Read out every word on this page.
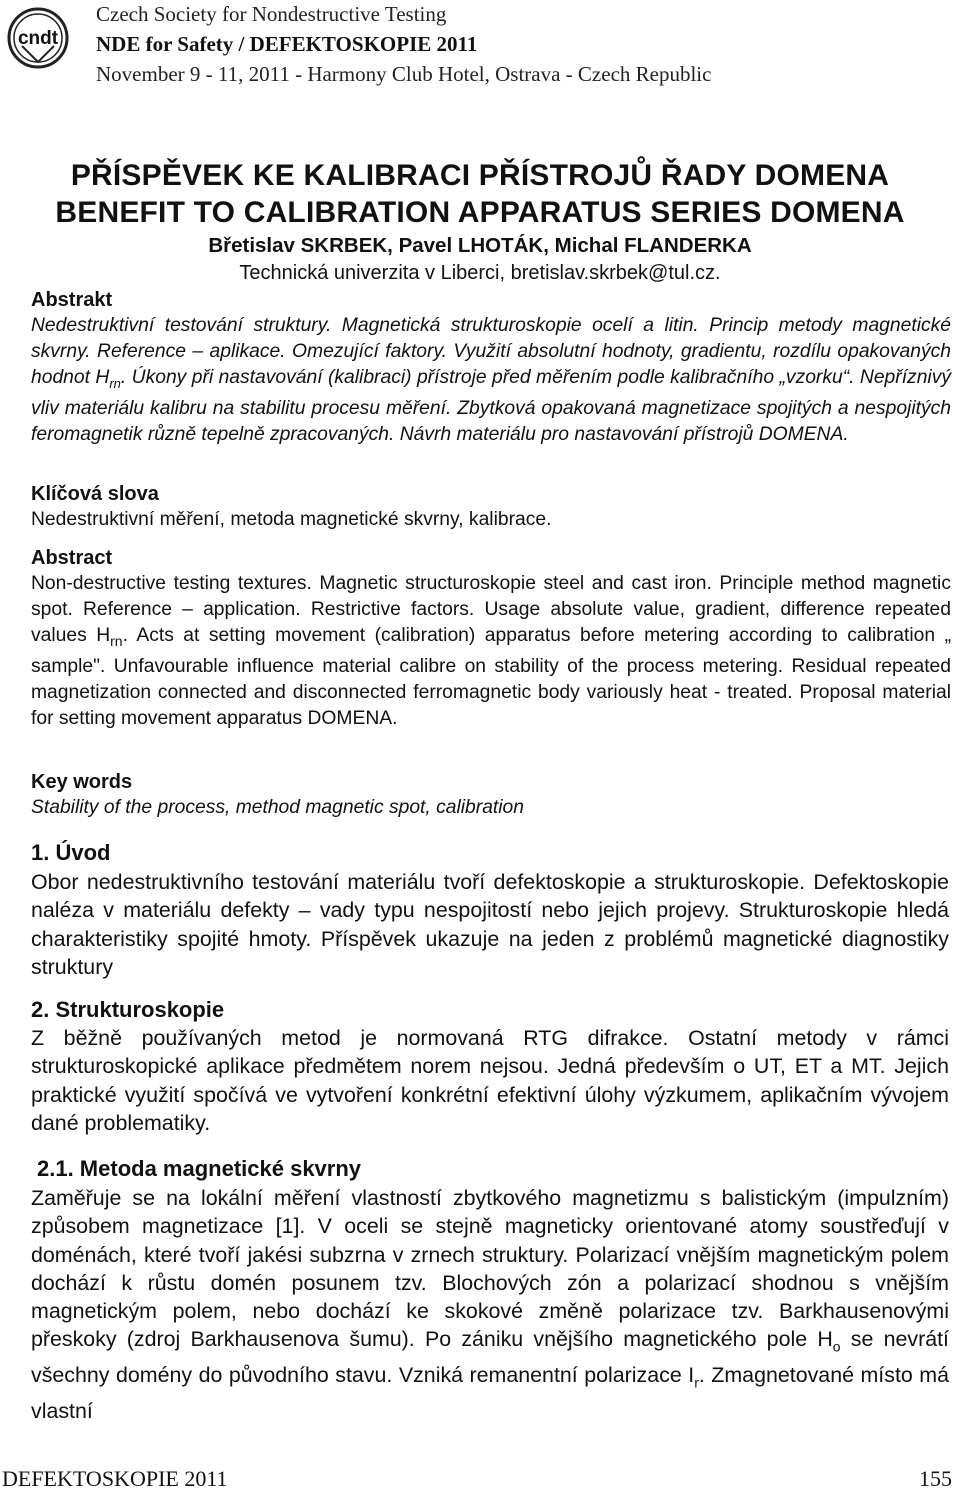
cndt
Czech Society for Nondestructive Testing
NDE for Safety / DEFEKTOSKOPIE 2011
November 9 - 11, 2011 - Harmony Club Hotel, Ostrava - Czech Republic
PŘÍSPĚVEK KE KALIBRACI PŘÍSTROJŮ ŘADY DOMENA
BENEFIT TO CALIBRATION APPARATUS SERIES DOMENA
Břetislav SKRBEK, Pavel LHOTÁK, Michal FLANDERKA
Technická univerzita v Liberci, bretislav.skrbek@tul.cz.
Abstrakt
Nedestruktivní testování struktury. Magnetická strukturoskopie ocelí a litin. Princip metody magnetické skvrny. Reference – aplikace. Omezující faktory. Využití absolutní hodnoty, gradientu, rozdílu opakovaných hodnot $H_{rn}$. Úkony při nastavování (kalibraci) přístroje před měřením podle kalibračního „vzorku“. Nepříznivý vliv materiálu kalibru na stabilitu procesu měření. Zbytková opakovaná magnetizace spojitých a nespojitých feromagnetik různě tepelně zpracovaných. Návrh materiálu pro nastavování přístrojů DOMENA.
Klíčová slova
Nedestruktivní měření, metoda magnetické skvrny, kalibrace.
Abstract
Non-destructive testing textures. Magnetic structuroskopie steel and cast iron. Principle method magnetic spot. Reference – application. Restrictive factors. Usage absolute value, gradient, difference repeated values $H_{rn}$. Acts at setting movement (calibration) apparatus before metering according to calibration „ sample". Unfavourable influence material calibre on stability of the process metering. Residual repeated magnetization connected and disconnected ferromagnetic body variously heat - treated. Proposal material for setting movement apparatus DOMENA.
Key words
Stability of the process, method magnetic spot, calibration
1. Úvod
Obor nedestruktivního testování materiálu tvoří defektoskopie a strukturoskopie. Defektoskopie naléza v materiálu defekty – vady typu nespojitostí nebo jejich projevy. Strukturoskopie hledá charakteristiky spojité hmoty. Příspěvek ukazuje na jeden z problémů magnetické diagnostiky struktury
2. Strukturoskopie
Z běžně používaných metod je normovaná RTG difrakce. Ostatní metody v rámci strukturoskopické aplikace předmětem norem nejsou. Jedná především o UT, ET a MT. Jejich praktické využití spočívá ve vytvoření konkrétní efektivní úlohy výzkumem, aplikačním vývojem dané problematiky.
2.1. Metoda magnetické skvrny
Zaměřuje se na lokální měření vlastností zbytkového magnetizmu s balistickým (impulzním) způsobem magnetizace [1]. V oceli se stejně magneticky orientované atomy soustřeďují v doménách, které tvoří jakési subzrna v zrnech struktury. Polarizací vnějším magnetickým polem dochází k růstu domén posunem tzv. Blochových zón a polarizací shodnou s vnějším magnetickým polem, nebo dochází ke skokové změně polarizace tzv. Barkhausenovými přeskoky (zdroj Barkhausenova šumu). Po zániku vnějšího magnetického pole $H_o$ se nevrátí všechny domény do původního stavu. Vzniká remanentní polarizace $I_r$. Zmagnetované místo má vlastní
DEFEKTOSKOPIE 2011	155
